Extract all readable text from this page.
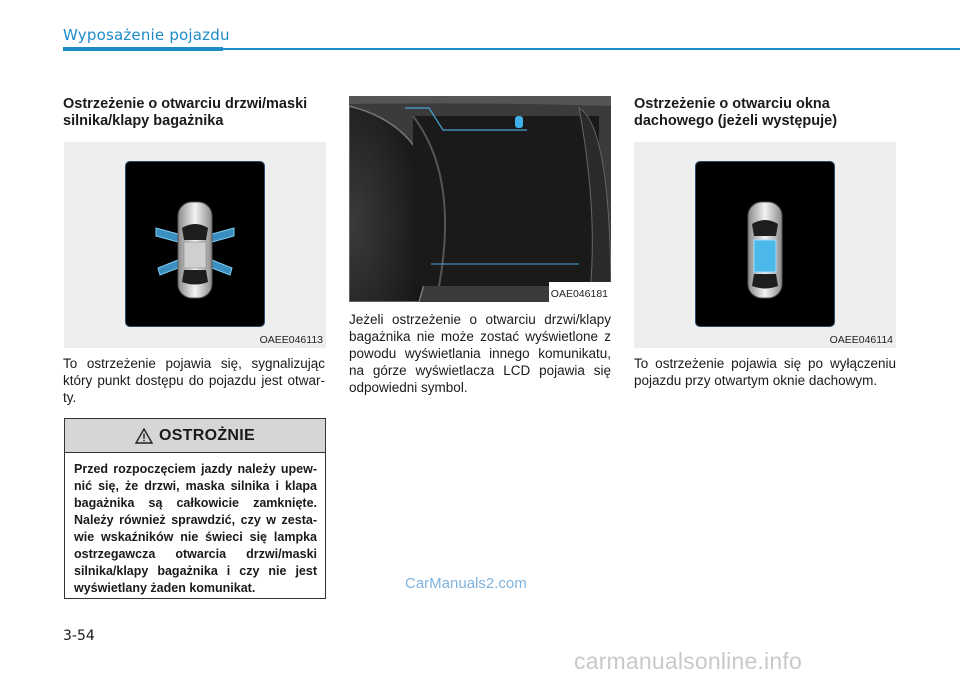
Wyposażenie pojazdu
Ostrzeżenie o otwarciu drzwi/maski
silnika/klapy bagażnika
OAEE046113
To ostrzeżenie pojawia się, sygnalizując który punkt dostępu do pojazdu jest otwar-ty.
OSTROŻNIE
Przed rozpoczęciem jazdy należy upew-nić się, że drzwi, maska silnika i klapa bagażnika są całkowicie zamknięte. Należy również sprawdzić, czy w zesta-wie wskaźników nie świeci się lampka ostrzegawcza otwarcia drzwi/maski silnika/klapy bagażnika i czy nie jest wyświetlany żaden komunikat.
OAE046181
Jeżeli ostrzeżenie o otwarciu drzwi/klapy bagażnika nie może zostać wyświetlone z powodu wyświetlania innego komunikatu, na górze wyświetlacza LCD pojawia się odpowiedni symbol.
Ostrzeżenie o otwarciu okna
dachowego (jeżeli występuje)
OAEE046114
To ostrzeżenie pojawia się po wyłączeniu pojazdu przy otwartym oknie dachowym.
3-54
CarManuals2.com
carmanualsonline.info
